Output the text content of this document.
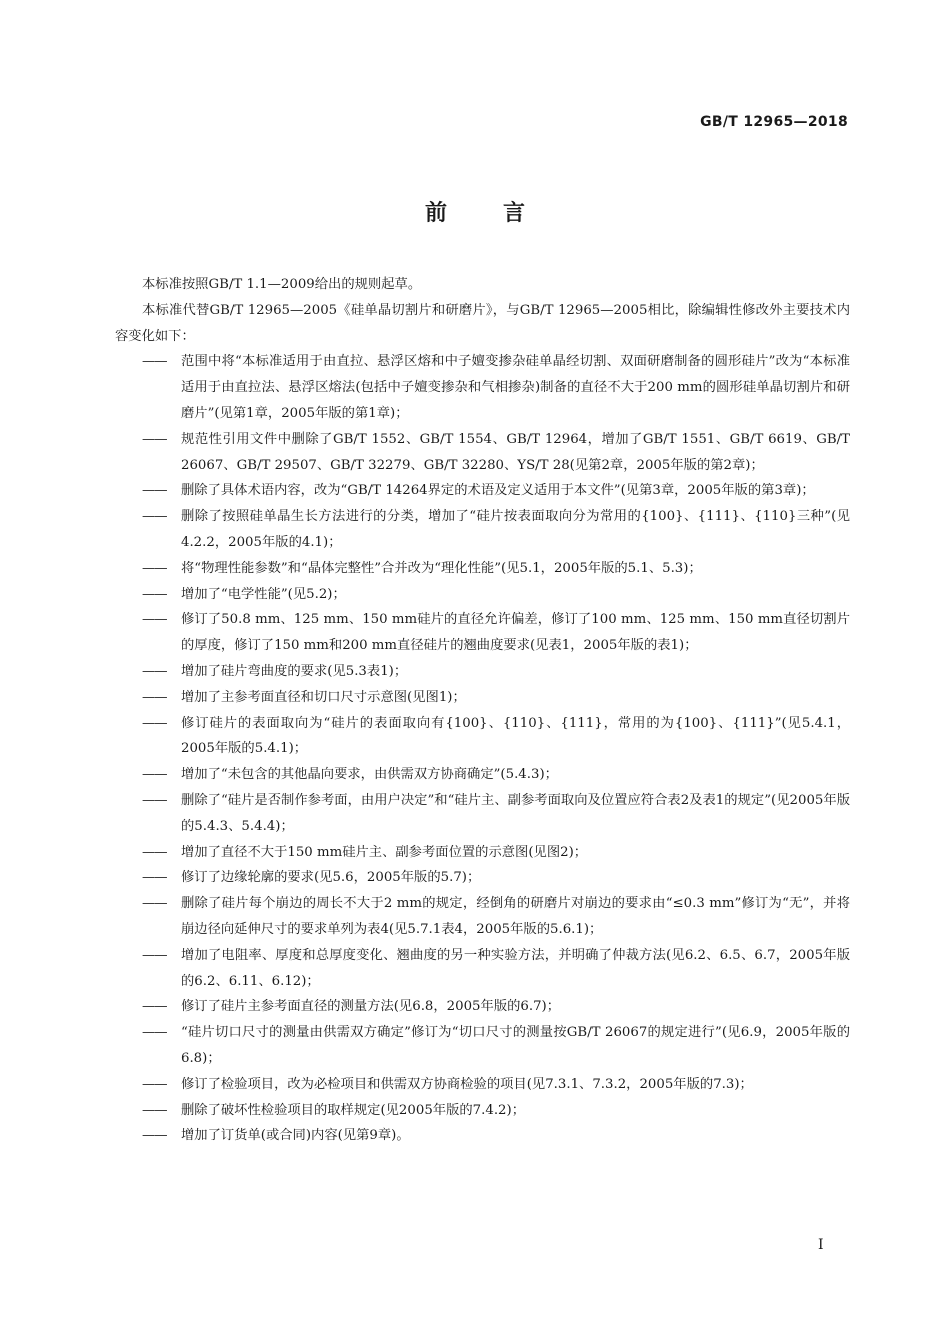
GB/T 12965—2018
前言

本标准按照GB/T 1.1—2009给出的规则起草。

本标准代替GB/T 12965—2005《硅单晶切割片和研磨片》，与GB/T 12965—2005相比，除编辑性修改外主要技术内容变化如下：

——	范围中将“本标准适用于由直拉、悬浮区熔和中子嬗变掺杂硅单晶经切割、双面研磨制备的圆形硅片”改为“本标准适用于由直拉法、悬浮区熔法(包括中子嬗变掺杂和气相掺杂)制备的直径不大于200 mm的圆形硅单晶切割片和研磨片”(见第1章，2005年版的第1章)；
——	规范性引用文件中删除了GB/T 1552、GB/T 1554、GB/T 12964，增加了GB/T 1551、GB/T 6619、GB/T 26067、GB/T 29507、GB/T 32279、GB/T 32280、YS/T 28(见第2章，2005年版的第2章)；
——	删除了具体术语内容，改为“GB/T 14264界定的术语及定义适用于本文件”(见第3章，2005年版的第3章)；
——	删除了按照硅单晶生长方法进行的分类，增加了“硅片按表面取向分为常用的{100}、{111}、{110}三种”(见4.2.2，2005年版的4.1)；
——	将“物理性能参数”和“晶体完整性”合并改为“理化性能”(见5.1，2005年版的5.1、5.3)；
——	增加了“电学性能”(见5.2)；
——	修订了50.8 mm、125 mm、150 mm硅片的直径允许偏差，修订了100 mm、125 mm、150 mm直径切割片的厚度，修订了150 mm和200 mm直径硅片的翘曲度要求(见表1，2005年版的表1)；
——	增加了硅片弯曲度的要求(见5.3表1)；
——	增加了主参考面直径和切口尺寸示意图(见图1)；
——	修订硅片的表面取向为“硅片的表面取向有{100}、{110}、{111}，常用的为{100}、{111}”(见5.4.1，2005年版的5.4.1)；
——	增加了“未包含的其他晶向要求，由供需双方协商确定”(5.4.3)；
——	删除了“硅片是否制作参考面，由用户决定”和“硅片主、副参考面取向及位置应符合表2及表1的规定”(见2005年版的5.4.3、5.4.4)；
——	增加了直径不大于150 mm硅片主、副参考面位置的示意图(见图2)；
——	修订了边缘轮廓的要求(见5.6，2005年版的5.7)；
——	删除了硅片每个崩边的周长不大于2 mm的规定，经倒角的研磨片对崩边的要求由“≤0.3 mm”修订为“无”，并将崩边径向延伸尺寸的要求单列为表4(见5.7.1表4，2005年版的5.6.1)；
——	增加了电阻率、厚度和总厚度变化、翘曲度的另一种实验方法，并明确了仲裁方法(见6.2、6.5、6.7，2005年版的6.2、6.11、6.12)；
——	修订了硅片主参考面直径的测量方法(见6.8，2005年版的6.7)；
——	“硅片切口尺寸的测量由供需双方确定”修订为“切口尺寸的测量按GB/T 26067的规定进行”(见6.9，2005年版的6.8)；
——	修订了检验项目，改为必检项目和供需双方协商检验的项目(见7.3.1、7.3.2，2005年版的7.3)；
——	删除了破坏性检验项目的取样规定(见2005年版的7.4.2)；
——	增加了订货单(或合同)内容(见第9章)。
I
